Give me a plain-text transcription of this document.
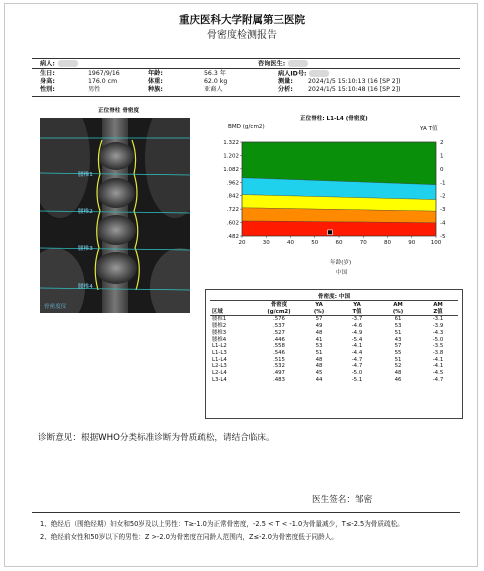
重庆医科大学附属第三医院
骨密度检测报告
病人:	咨询医生:
生日:	1967/9/16	年龄:	56.3 年	病人ID号:
身高:	176.0 cm	体重:	62.0 kg	测量: 2024/1/5 15:10:13 (16 [SP 2])
性别:	男性	种族:	亚裔人	分析: 2024/1/5 15:10:48 (16 [SP 2])
正位脊柱 骨密度
腰椎1
腰椎2
腰椎3
腰椎4
骨密度仪
正位脊柱: L1-L4 (骨密度)
BMD (g/cm2)	YA T值
1.322
1.202
1.082
.962
.842
.722
.602
.482
2
1
0
-1
-2
-3
-4
-5
20	30	40	50	60	70	80	90	100
年龄(岁)
中国
骨密度: 中国
	骨密度	YA	YA	AM	AM
区域	(g/cm2)	(%)	T值	(%)	Z值
腰椎1	.576	57	-3.7	61	-3.1
腰椎2	.537	49	-4.6	53	-3.9
腰椎3	.527	48	-4.9	51	-4.3
腰椎4	.446	41	-5.4	43	-5.0
L1-L2	.558	53	-4.1	57	-3.5
L1-L3	.546	51	-4.4	55	-3.8
L1-L4	.515	48	-4.7	51	-4.1
L2-L3	.532	48	-4.7	52	-4.1
L2-L4	.497	45	-5.0	48	-4.5
L3-L4	.483	44	-5.1	46	-4.7
诊断意见：根据WHO分类标准诊断为骨质疏松，请结合临床。
医生签名：邹密
1、绝经后（围绝经期）妇女和50岁及以上男性：T≥-1.0为正常骨密度，-2.5 < T < -1.0为骨量减少，T≤-2.5为骨质疏松。
2、绝经前女性和50岁以下的男性：Z >-2.0为骨密度在同龄人范围内，Z≤-2.0为骨密度低于同龄人。
